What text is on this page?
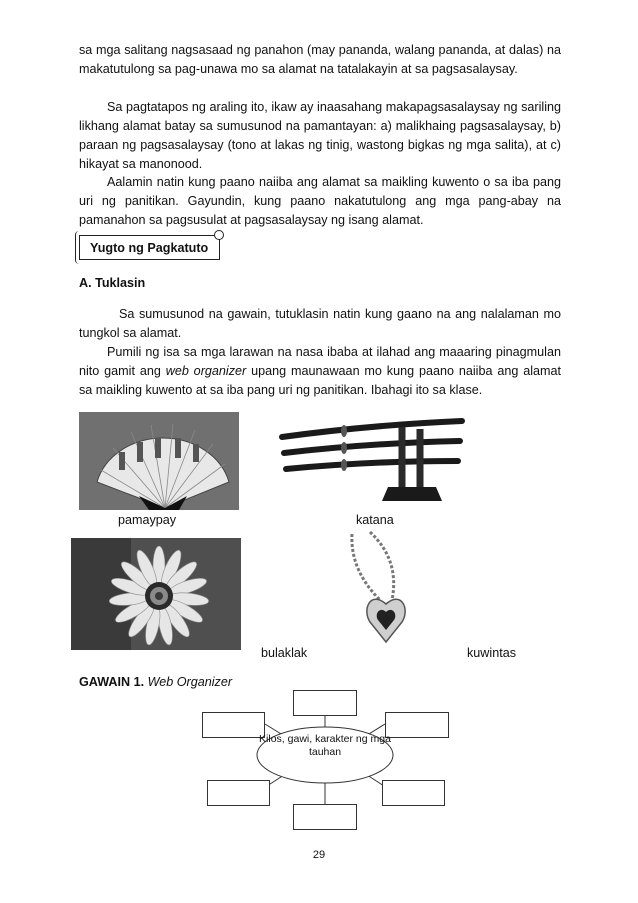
sa mga salitang nagsasaad ng panahon (may pananda, walang pananda, at dalas) na makatutulong sa pag-unawa mo sa alamat na tatalakayin at sa pagsasalaysay.

Sa pagtatapos ng araling ito, ikaw ay inaasahang makapagsasalaysay ng sariling likhang alamat batay sa sumusunod na pamantayan: a) malikhaing pagsasalaysay, b) paraan ng pagsasalaysay (tono at lakas ng tinig, wastong bigkas ng mga salita), at c) hikayat sa manonood.

Aalamin natin kung paano naiiba ang alamat sa maikling kuwento o sa iba pang uri ng panitikan. Gayundin, kung paano nakatutulong ang mga pang-abay na pamanahon sa pagsusulat at pagsasalaysay ng isang alamat.

Yugto ng Pagkatuto
A. Tuklasin

Sa sumusunod na gawain, tutuklasin natin kung gaano na ang nalalaman mo tungkol sa alamat.

Pumili ng isa sa mga larawan na nasa ibaba at ilahad ang maaaring pinagmulan nito gamit ang web organizer upang maunawaan mo kung paano naiiba ang alamat sa maikling kuwento at sa iba pang uri ng panitikan. Ibahagi ito sa klase.

pamaypay	katana
bulaklak	kuwintas
GAWAIN 1. Web Organizer
Kilos, gawi, karakter ng mga tauhan
29
